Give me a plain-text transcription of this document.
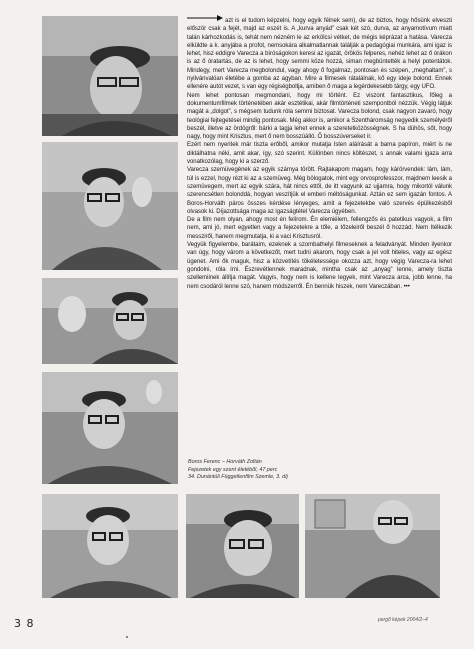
azt is el tudom képzelni, hogy egyik félnek sem), de az biztos, hogy hősünk elveszti először csak a fejét, majd az eszét is. A „kurva anyád” csak két szó, durva, az anyamotívum miatt talán kárhozkodás is, tehát nem nézném le az erkölcsi vétket, de mégis képrázat a hatása. Varecza elküldte a k. anyjába a profot, nemsokára alkalmatlannak találják a pedagógiai munkára, ami igaz is lehet, hisz eddigre Varecza a bíróságokon keresi az igazát, örökös felperes, nehéz lehet az ő órákon is az ő óratartás, de az is lehet, hogy semmi köze hozzá, siman megbüntették a helyi potentátok. Mindegy, mert Varecza megbolondul, vagy ahogy ő fogalmaz, pontosan és szépen, „meghaltam”, s nyilvánvalóan életébe a gomba az agyban. Mire a filmesek rátalálnak, kő egy ideje bolond. Ennek ellenére autót vezet, s van egy régiségboltja, amiben ő maga a legérdekesebb tárgy, egy UFO.

Nem lehet pontosan megmondani, hogy mi történt. Ez viszont fantasztikus, főleg a dokumentumfilmek történetében akár esztétikai, akár filmtörténeti szempontból nézzük. Végig látjuk magát a „dolgot”, s mégsem tudunk róla semmi biztosat. Varecza bolond, csak nagyon zavaró, hogy teológiai fejtegetései mindig pontosak. Még akkor is, amikor a Szentháromság negyedik személyéről beszél, illetve az ördögről: bárki a tagja lehet ennek a szeretetközösségnek. S ha dühös, sőt, hogy nagy, hogy mint Krisztus, mert ő nem bosszúálló. Ő bosszúverseket ír.

Ezért nem nyeritek már tiszta erőből, amikor mutatja Isten aláírását a barna papíron, miért is ne diktálhatna néki, amit akar, így, szó szerint. Különben nincs költészet, s annak valami igaza arra vonatkozólag, hogy ki a szerző.

Varecza szemüvegének az egyik szárnya törött. Rajtakapom magam, hogy kárörvendek: lám, lám, túl is ezzel, hogy rézt ki az a szemüveg. Még bölogatok, mint egy orvosprofesszor, majdnem leesik a szemüvegem, mert az egyik szára, hát nincs ettől, de itt vagyunk az ujjamra, hogy mikortól válunk szerencsétlen bolonddá, hogyan veszítjük el emberi méltóságunkat. Aztán ez sem igazán fontos. A Boros-Horváth páros összes kérdése lényeges, amit a fejezetekbe való szervés épülkezésből olvasok ki. Díjazottsága maga az igazságtétel Varecza úgyében.

De a film nem olyan, ahogy most én felírom. Én elemiélem, fellengzős és patetikus vagyok, a film nem, ami jó, mert egyetlen vagy a fejezetekre a tőle, a tőzeleiről beszél ő hozzád. Nem Itélkezik messziről, hanem megmutatja, ki a vaci Krisztusról.

Vegyük figyelembe, barátaim, ezeknek a szombathelyi filmeseknek a feladványát. Minden ilyenkor van úgy, hogy várom a következőt, mert tudni akarom, hogy csak a jel volt hiteles, vagy az egész ügenet. Ami ők maguk, hisz a közvetítés tökéletessége okozza azt, hogy végig Varecza-ra lehet gondolni, róla írni. Észrevétlennek maradnak, mintha csak az „anyag” lenne, amely tiszta szellemiinek állítja magát. Vagyis, hogy nem is kellene legyek, mint Varecza arca, jobb lenne, ha nem csodáról lenne szó, hanem módszerről. Én bennük hiszek, nem Vareczában. •••

Boros Ferenc – Horváth Zoltán
Fejezetek egy szent életéből, 47 perc
34. Dunántúli Függetlenfilm Szemle, 3. díj
3 8	pergő képek 2004/2–4
